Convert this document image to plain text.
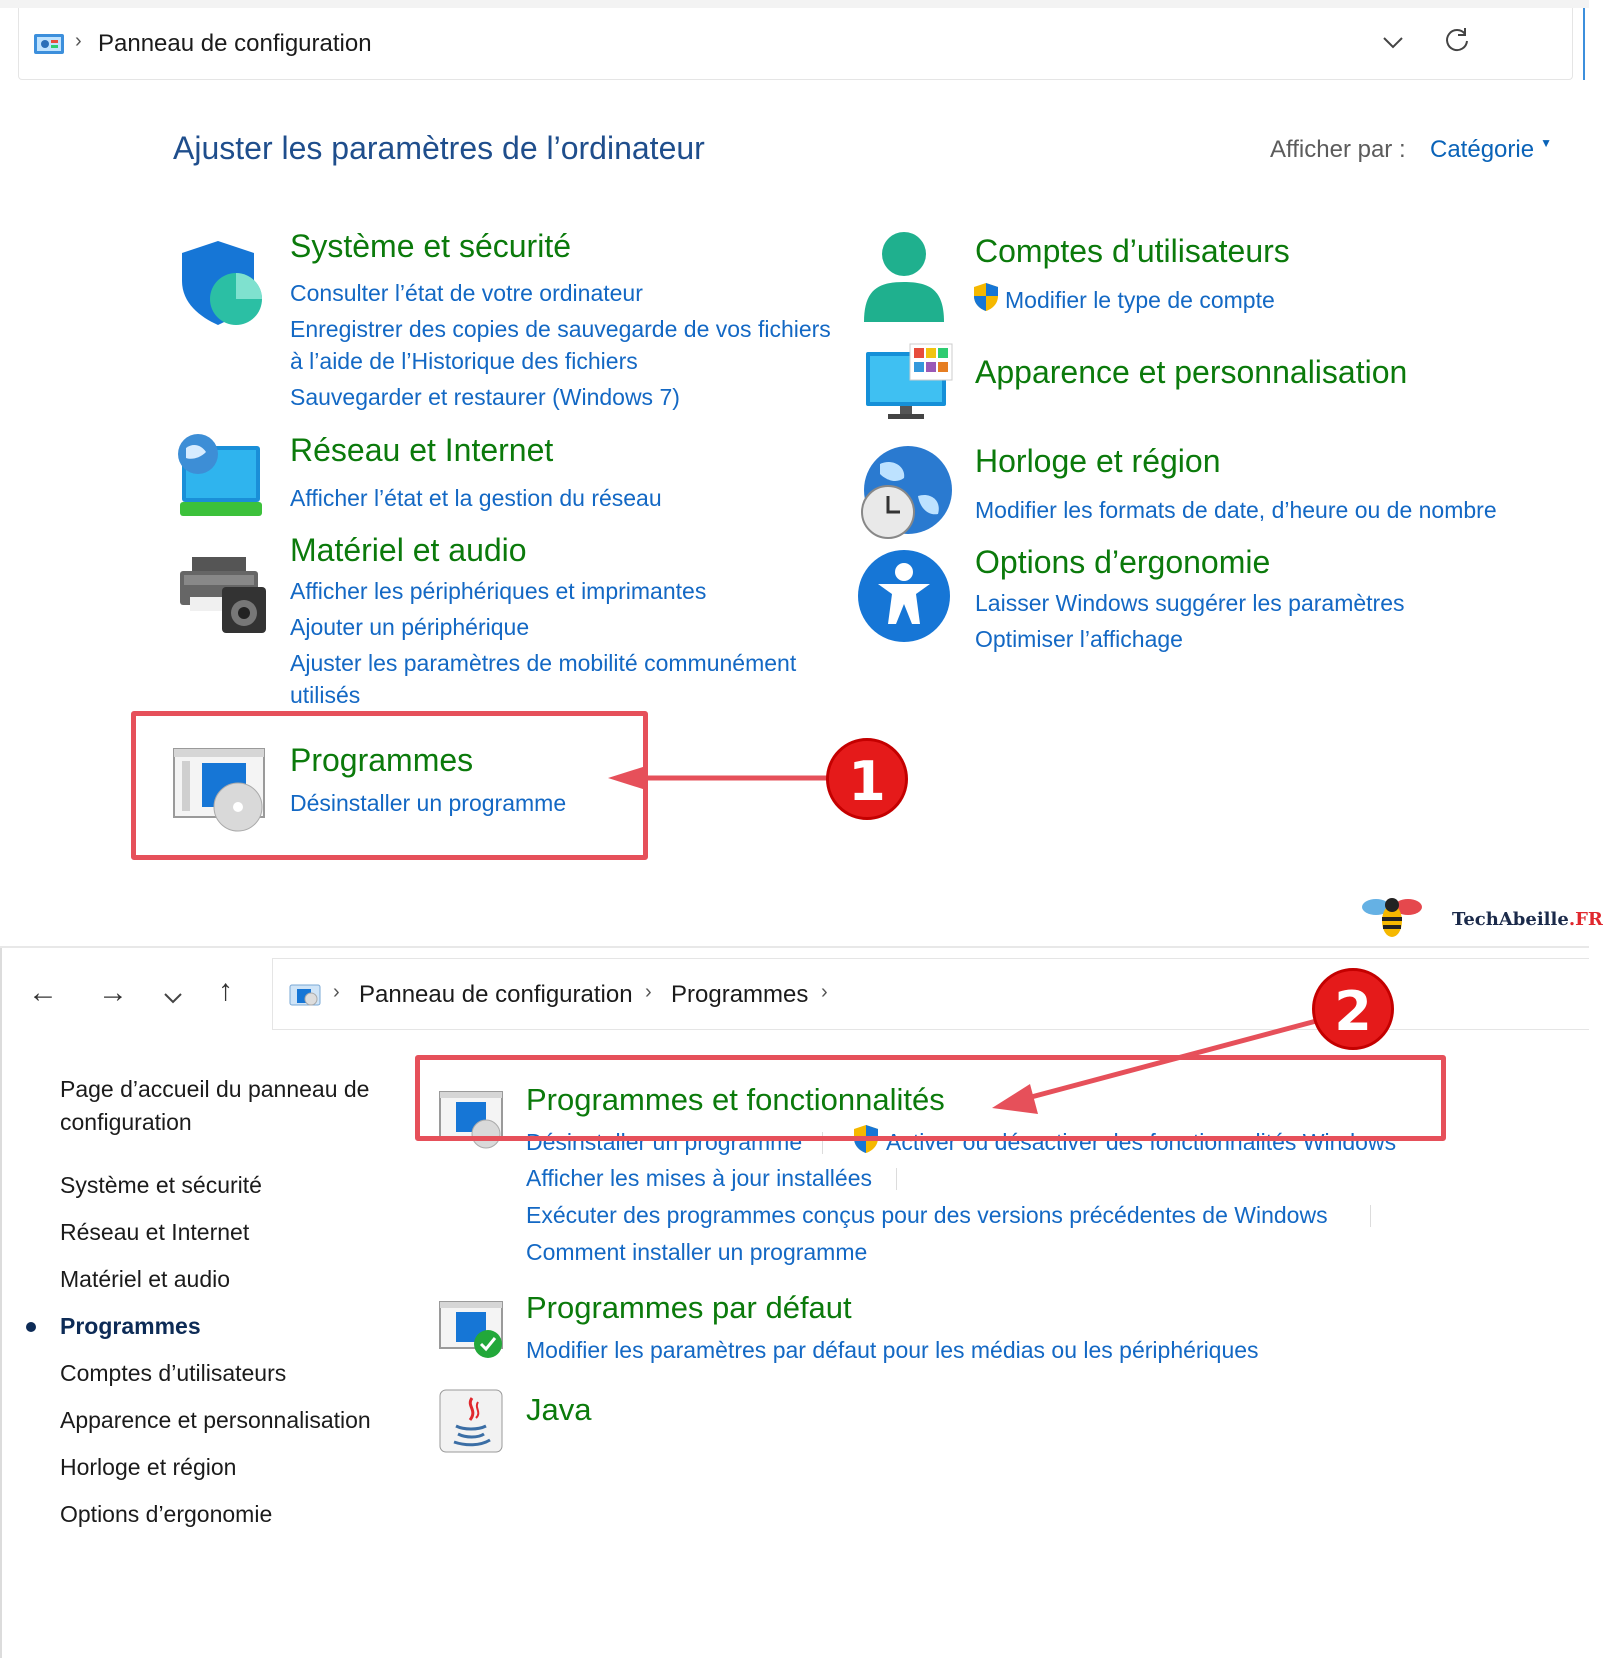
› Panneau de configuration
Ajuster les paramètres de l’ordinateur	Afficher par : Catégorie ▼
Système et sécurité
Consulter l’état de votre ordinateur
Enregistrer des copies de sauvegarde de vos fichiers
à l’aide de l’Historique des fichiers
Sauvegarder et restaurer (Windows 7)
Réseau et Internet
Afficher l’état et la gestion du réseau
Matériel et audio
Afficher les périphériques et imprimantes
Ajouter un périphérique
Ajuster les paramètres de mobilité communément
utilisés
Programmes
Désinstaller un programme	1
Comptes d’utilisateurs
Modifier le type de compte
Apparence et personnalisation
Horloge et région
Modifier les formats de date, d’heure ou de nombre
Options d’ergonomie
Laisser Windows suggérer les paramètres
Optimiser l’affichage
TechAbeille.FR
← →	↑	› Panneau de configuration › Programmes ›
Page d’accueil du panneau de
configuration
Système et sécurité
Réseau et Internet
Matériel et audio
Programmes
Comptes d’utilisateurs
Apparence et personnalisation
Horloge et région
Options d’ergonomie
Programmes et fonctionnalités
Désinstaller un programme	Activer ou désactiver des fonctionnalités Windows
Afficher les mises à jour installées
Exécuter des programmes conçus pour des versions précédentes de Windows
Comment installer un programme
2
Programmes par défaut
Modifier les paramètres par défaut pour les médias ou les périphériques
Java
